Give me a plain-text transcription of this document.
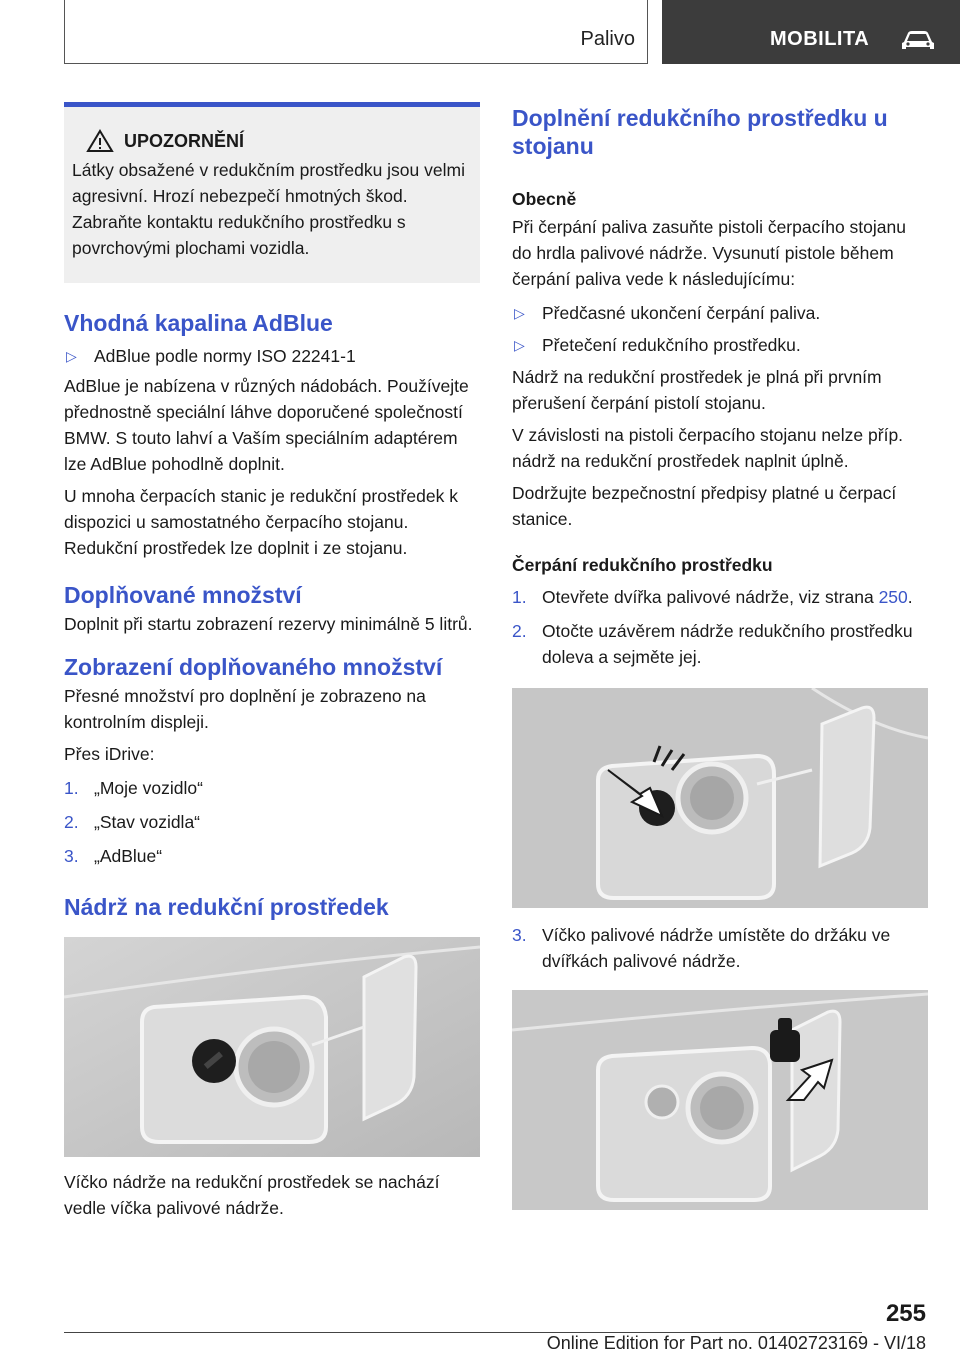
Palivo	MOBILITA
UPOZORNĚNÍ

Látky obsažené v redukčním prostředku jsou velmi agresivní. Hrozí nebezpečí hmotných škod. Zabraňte kontaktu redukčního prostředku s povrchovými plochami vozidla.

Vhodná kapalina AdBlue
▷ AdBlue podle normy ISO 22241-1

AdBlue je nabízena v různých nádobách. Používejte přednostně speciální láhve doporučené společností BMW. S touto lahví a Vaším speciálním adaptérem lze AdBlue pohodlně doplnit.

U mnoha čerpacích stanic je redukční prostředek k dispozici u samostatného čerpacího stojanu. Redukční prostředek lze doplnit i ze stojanu.

Doplňované množství

Doplnit při startu zobrazení rezervy minimálně 5 litrů.

Zobrazení doplňovaného množství

Přesné množství pro doplnění je zobrazeno na kontrolním displeji.

Přes iDrive:

1. „Moje vozidlo“
2. „Stav vozidla“
3. „AdBlue“
Nádrž na redukční prostředek

Víčko nádrže na redukční prostředek se nachází vedle víčka palivové nádrže.

Doplnění redukčního prostředku u stojanu
Obecně

Při čerpání paliva zasuňte pistoli čerpacího stojanu do hrdla palivové nádrže. Vysunutí pistole během čerpání paliva vede k následujícímu:

▷ Předčasné ukončení čerpání paliva.
▷ Přetečení redukčního prostředku.

Nádrž na redukční prostředek je plná při prvním přerušení čerpání pistolí stojanu.

V závislosti na pistoli čerpacího stojanu nelze příp. nádrž na redukční prostředek naplnit úplně.

Dodržujte bezpečnostní předpisy platné u čerpací stanice.

Čerpání redukčního prostředku
1. Otevřete dvířka palivové nádrže, viz strana 250.
2. Otočte uzávěrem nádrže redukčního prostředku doleva a sejměte jej.
3. Víčko palivové nádrže umístěte do držáku ve dvířkách palivové nádrže.
255
Online Edition for Part no. 01402723169 - VI/18
